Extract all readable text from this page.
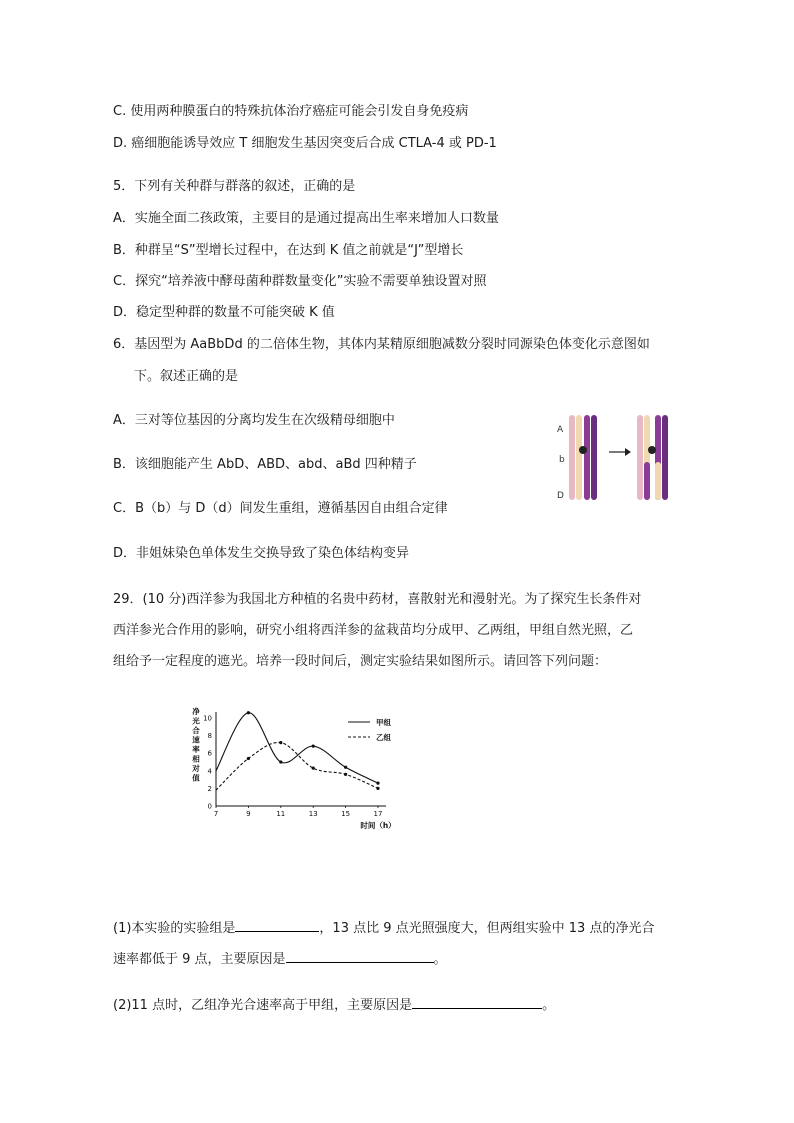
C. 使用两种膜蛋白的特殊抗体治疗癌症可能会引发自身免疫病
D. 癌细胞能诱导效应 T 细胞发生基因突变后合成 CTLA-4 或 PD-1
5．下列有关种群与群落的叙述，正确的是
A．实施全面二孩政策，主要目的是通过提高出生率来增加人口数量
B．种群呈“S”型增长过程中，在达到 K 值之前就是“J”型增长
C．探究“培养液中酵母菌种群数量变化”实验不需要单独设置对照
D．稳定型种群的数量不可能突破 K 值
6．基因型为 AaBbDd 的二倍体生物，其体内某精原细胞减数分裂时同源染色体变化示意图如
下。叙述正确的是
A．三对等位基因的分离均发生在次级精母细胞中
B．该细胞能产生 AbD、ABD、abd、aBd 四种精子
C．B（b）与 D（d）间发生重组，遵循基因自由组合定律
D．非姐妹染色单体发生交换导致了染色体结构变异
A
b
D
29．(10 分)西洋参为我国北方种植的名贵中药材，喜散射光和漫射光。为了探究生长条件对
西洋参光合作用的影响，研究小组将西洋参的盆栽苗均分成甲、乙两组，甲组自然光照，乙
组给予一定程度的遮光。培养一段时间后，测定实验结果如图所示。请回答下列问题：
净
光
合
速
率
相
对
值
0
2
4
6
8
10
7	9	11	13	15	17
甲组
乙组
时间（h）
(1)本实验的实验组是	，13 点比 9 点光照强度大，但两组实验中 13 点的净光合
速率都低于 9 点，主要原因是	。
(2)11 点时，乙组净光合速率高于甲组，主要原因是	。
